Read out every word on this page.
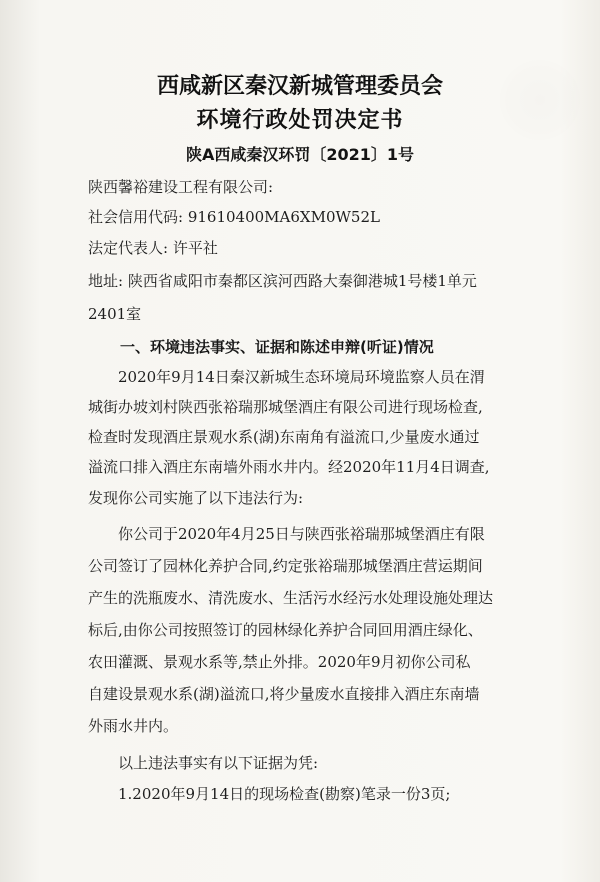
西咸新区秦汉新城管理委员会
环境行政处罚决定书
陕A西咸秦汉环罚〔2021〕1号
陕西馨裕建设工程有限公司:
社会信用代码: 91610400MA6XM0W52L
法定代表人: 许平社
地址: 陕西省咸阳市秦都区滨河西路大秦御港城1号楼1单元
2401室
一、环境违法事实、证据和陈述申辩(听证)情况
2020年9月14日秦汉新城生态环境局环境监察人员在渭
城街办坡刘村陕西张裕瑞那城堡酒庄有限公司进行现场检查,
检查时发现酒庄景观水系(湖)东南角有溢流口,少量废水通过
溢流口排入酒庄东南墙外雨水井内。经2020年11月4日调查,
发现你公司实施了以下违法行为:
你公司于2020年4月25日与陕西张裕瑞那城堡酒庄有限
公司签订了园林化养护合同,约定张裕瑞那城堡酒庄营运期间
产生的洗瓶废水、清洗废水、生活污水经污水处理设施处理达
标后,由你公司按照签订的园林绿化养护合同回用酒庄绿化、
农田灌溉、景观水系等,禁止外排。2020年9月初你公司私
自建设景观水系(湖)溢流口,将少量废水直接排入酒庄东南墙
外雨水井内。
以上违法事实有以下证据为凭:
1.2020年9月14日的现场检查(勘察)笔录一份3页;
